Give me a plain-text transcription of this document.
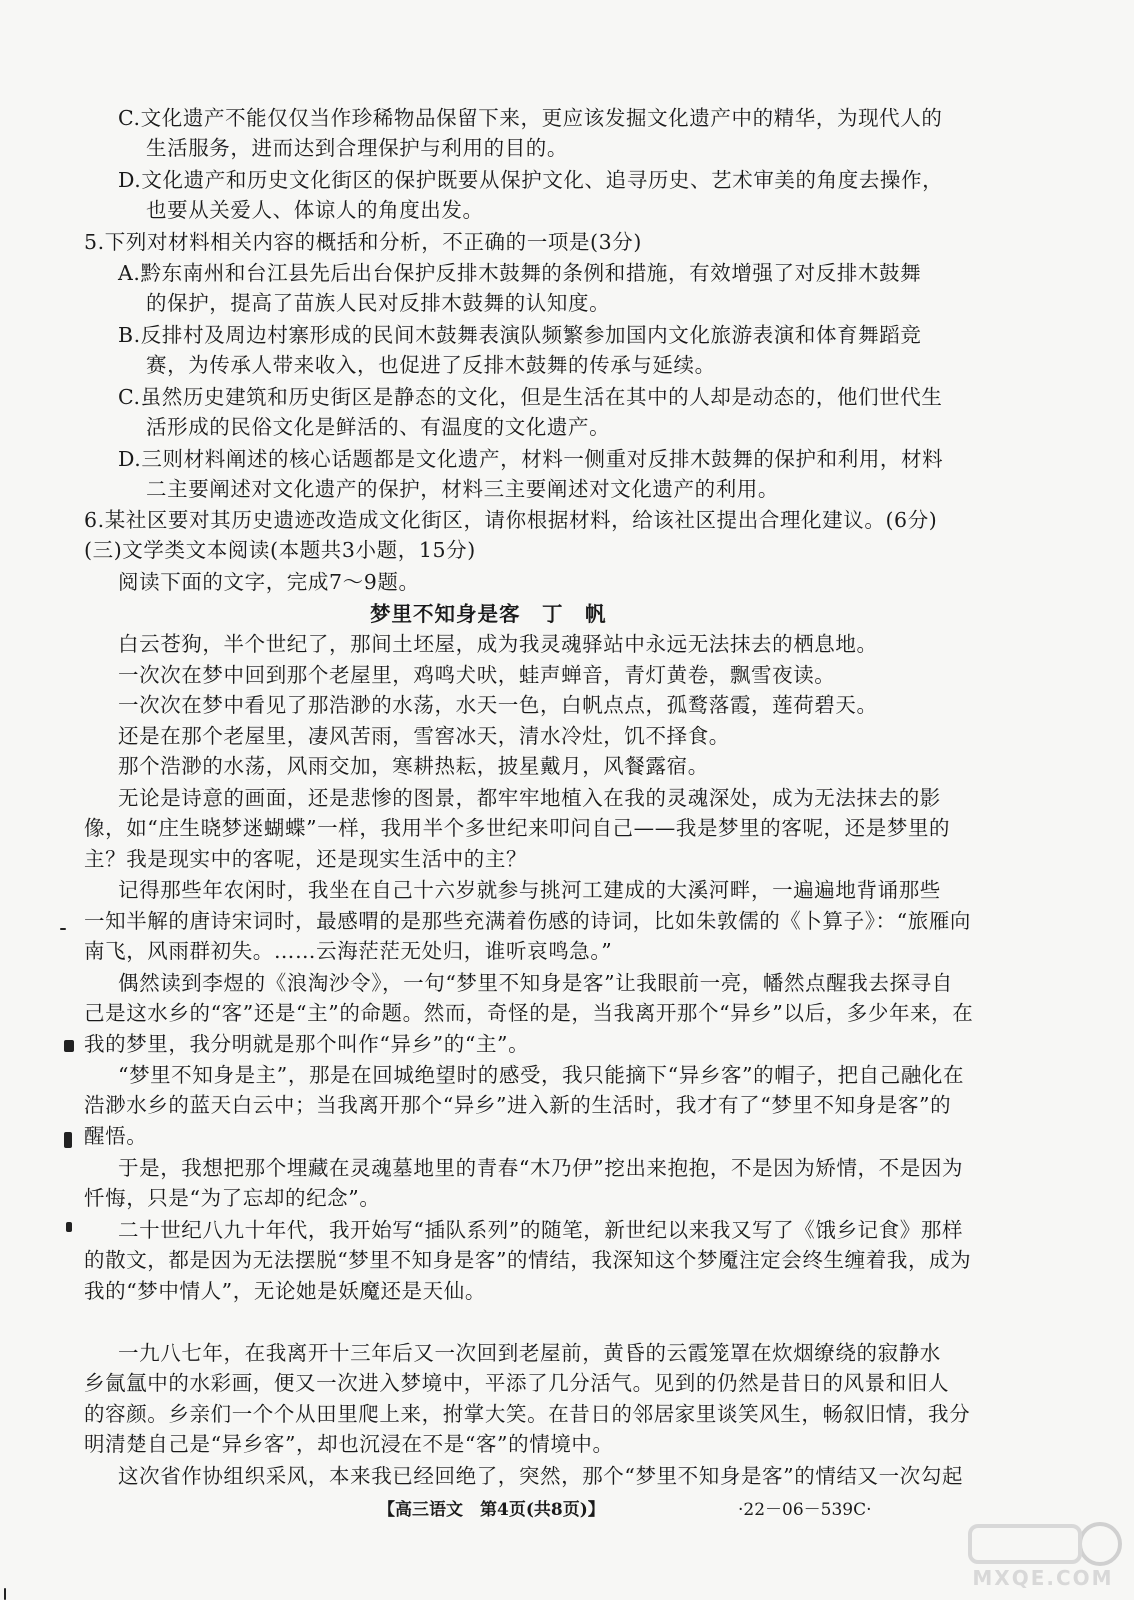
C.文化遗产不能仅仅当作珍稀物品保留下来，更应该发掘文化遗产中的精华，为现代人的
生活服务，进而达到合理保护与利用的目的。
D.文化遗产和历史文化街区的保护既要从保护文化、追寻历史、艺术审美的角度去操作，
也要从关爱人、体谅人的角度出发。
5.下列对材料相关内容的概括和分析，不正确的一项是(3分)
A.黔东南州和台江县先后出台保护反排木鼓舞的条例和措施，有效增强了对反排木鼓舞
的保护，提高了苗族人民对反排木鼓舞的认知度。
B.反排村及周边村寨形成的民间木鼓舞表演队频繁参加国内文化旅游表演和体育舞蹈竞
赛，为传承人带来收入，也促进了反排木鼓舞的传承与延续。
C.虽然历史建筑和历史街区是静态的文化，但是生活在其中的人却是动态的，他们世代生
活形成的民俗文化是鲜活的、有温度的文化遗产。
D.三则材料阐述的核心话题都是文化遗产，材料一侧重对反排木鼓舞的保护和利用，材料
二主要阐述对文化遗产的保护，材料三主要阐述对文化遗产的利用。
6.某社区要对其历史遗迹改造成文化街区，请你根据材料，给该社区提出合理化建议。(6分)
(三)文学类文本阅读(本题共3小题，15分)
阅读下面的文字，完成7～9题。
梦里不知身是客　丁　帆
白云苍狗，半个世纪了，那间土坯屋，成为我灵魂驿站中永远无法抹去的栖息地。
一次次在梦中回到那个老屋里，鸡鸣犬吠，蛙声蝉音，青灯黄卷，飘雪夜读。
一次次在梦中看见了那浩渺的水荡，水天一色，白帆点点，孤鹜落霞，莲荷碧天。
还是在那个老屋里，凄风苦雨，雪窖冰天，清水冷灶，饥不择食。
那个浩渺的水荡，风雨交加，寒耕热耘，披星戴月，风餐露宿。
无论是诗意的画面，还是悲惨的图景，都牢牢地植入在我的灵魂深处，成为无法抹去的影
像，如“庄生晓梦迷蝴蝶”一样，我用半个多世纪来叩问自己——我是梦里的客呢，还是梦里的
主？我是现实中的客呢，还是现实生活中的主？
记得那些年农闲时，我坐在自己十六岁就参与挑河工建成的大溪河畔，一遍遍地背诵那些
一知半解的唐诗宋词时，最感喟的是那些充满着伤感的诗词，比如朱敦儒的《卜算子》：“旅雁向
南飞，风雨群初失。……云海茫茫无处归，谁听哀鸣急。”
偶然读到李煜的《浪淘沙令》，一句“梦里不知身是客”让我眼前一亮，幡然点醒我去探寻自
己是这水乡的“客”还是“主”的命题。然而，奇怪的是，当我离开那个“异乡”以后，多少年来，在
我的梦里，我分明就是那个叫作“异乡”的“主”。
“梦里不知身是主”，那是在回城绝望时的感受，我只能摘下“异乡客”的帽子，把自己融化在
浩渺水乡的蓝天白云中；当我离开那个“异乡”进入新的生活时，我才有了“梦里不知身是客”的
醒悟。
于是，我想把那个埋藏在灵魂墓地里的青春“木乃伊”挖出来抱抱，不是因为矫情，不是因为
忏悔，只是“为了忘却的纪念”。
二十世纪八九十年代，我开始写“插队系列”的随笔，新世纪以来我又写了《饿乡记食》那样
的散文，都是因为无法摆脱“梦里不知身是客”的情结，我深知这个梦魇注定会终生缠着我，成为
我的“梦中情人”，无论她是妖魔还是天仙。
一九八七年，在我离开十三年后又一次回到老屋前，黄昏的云霞笼罩在炊烟缭绕的寂静水
乡氤氲中的水彩画，便又一次进入梦境中，平添了几分活气。见到的仍然是昔日的风景和旧人
的容颜。乡亲们一个个从田里爬上来，拊掌大笑。在昔日的邻居家里谈笑风生，畅叙旧情，我分
明清楚自己是“异乡客”，却也沉浸在不是“客”的情境中。
这次省作协组织采风，本来我已经回绝了，突然，那个“梦里不知身是客”的情结又一次勾起
【高三语文　第4页(共8页)】	·22－06－539C·
MXQE.COM
